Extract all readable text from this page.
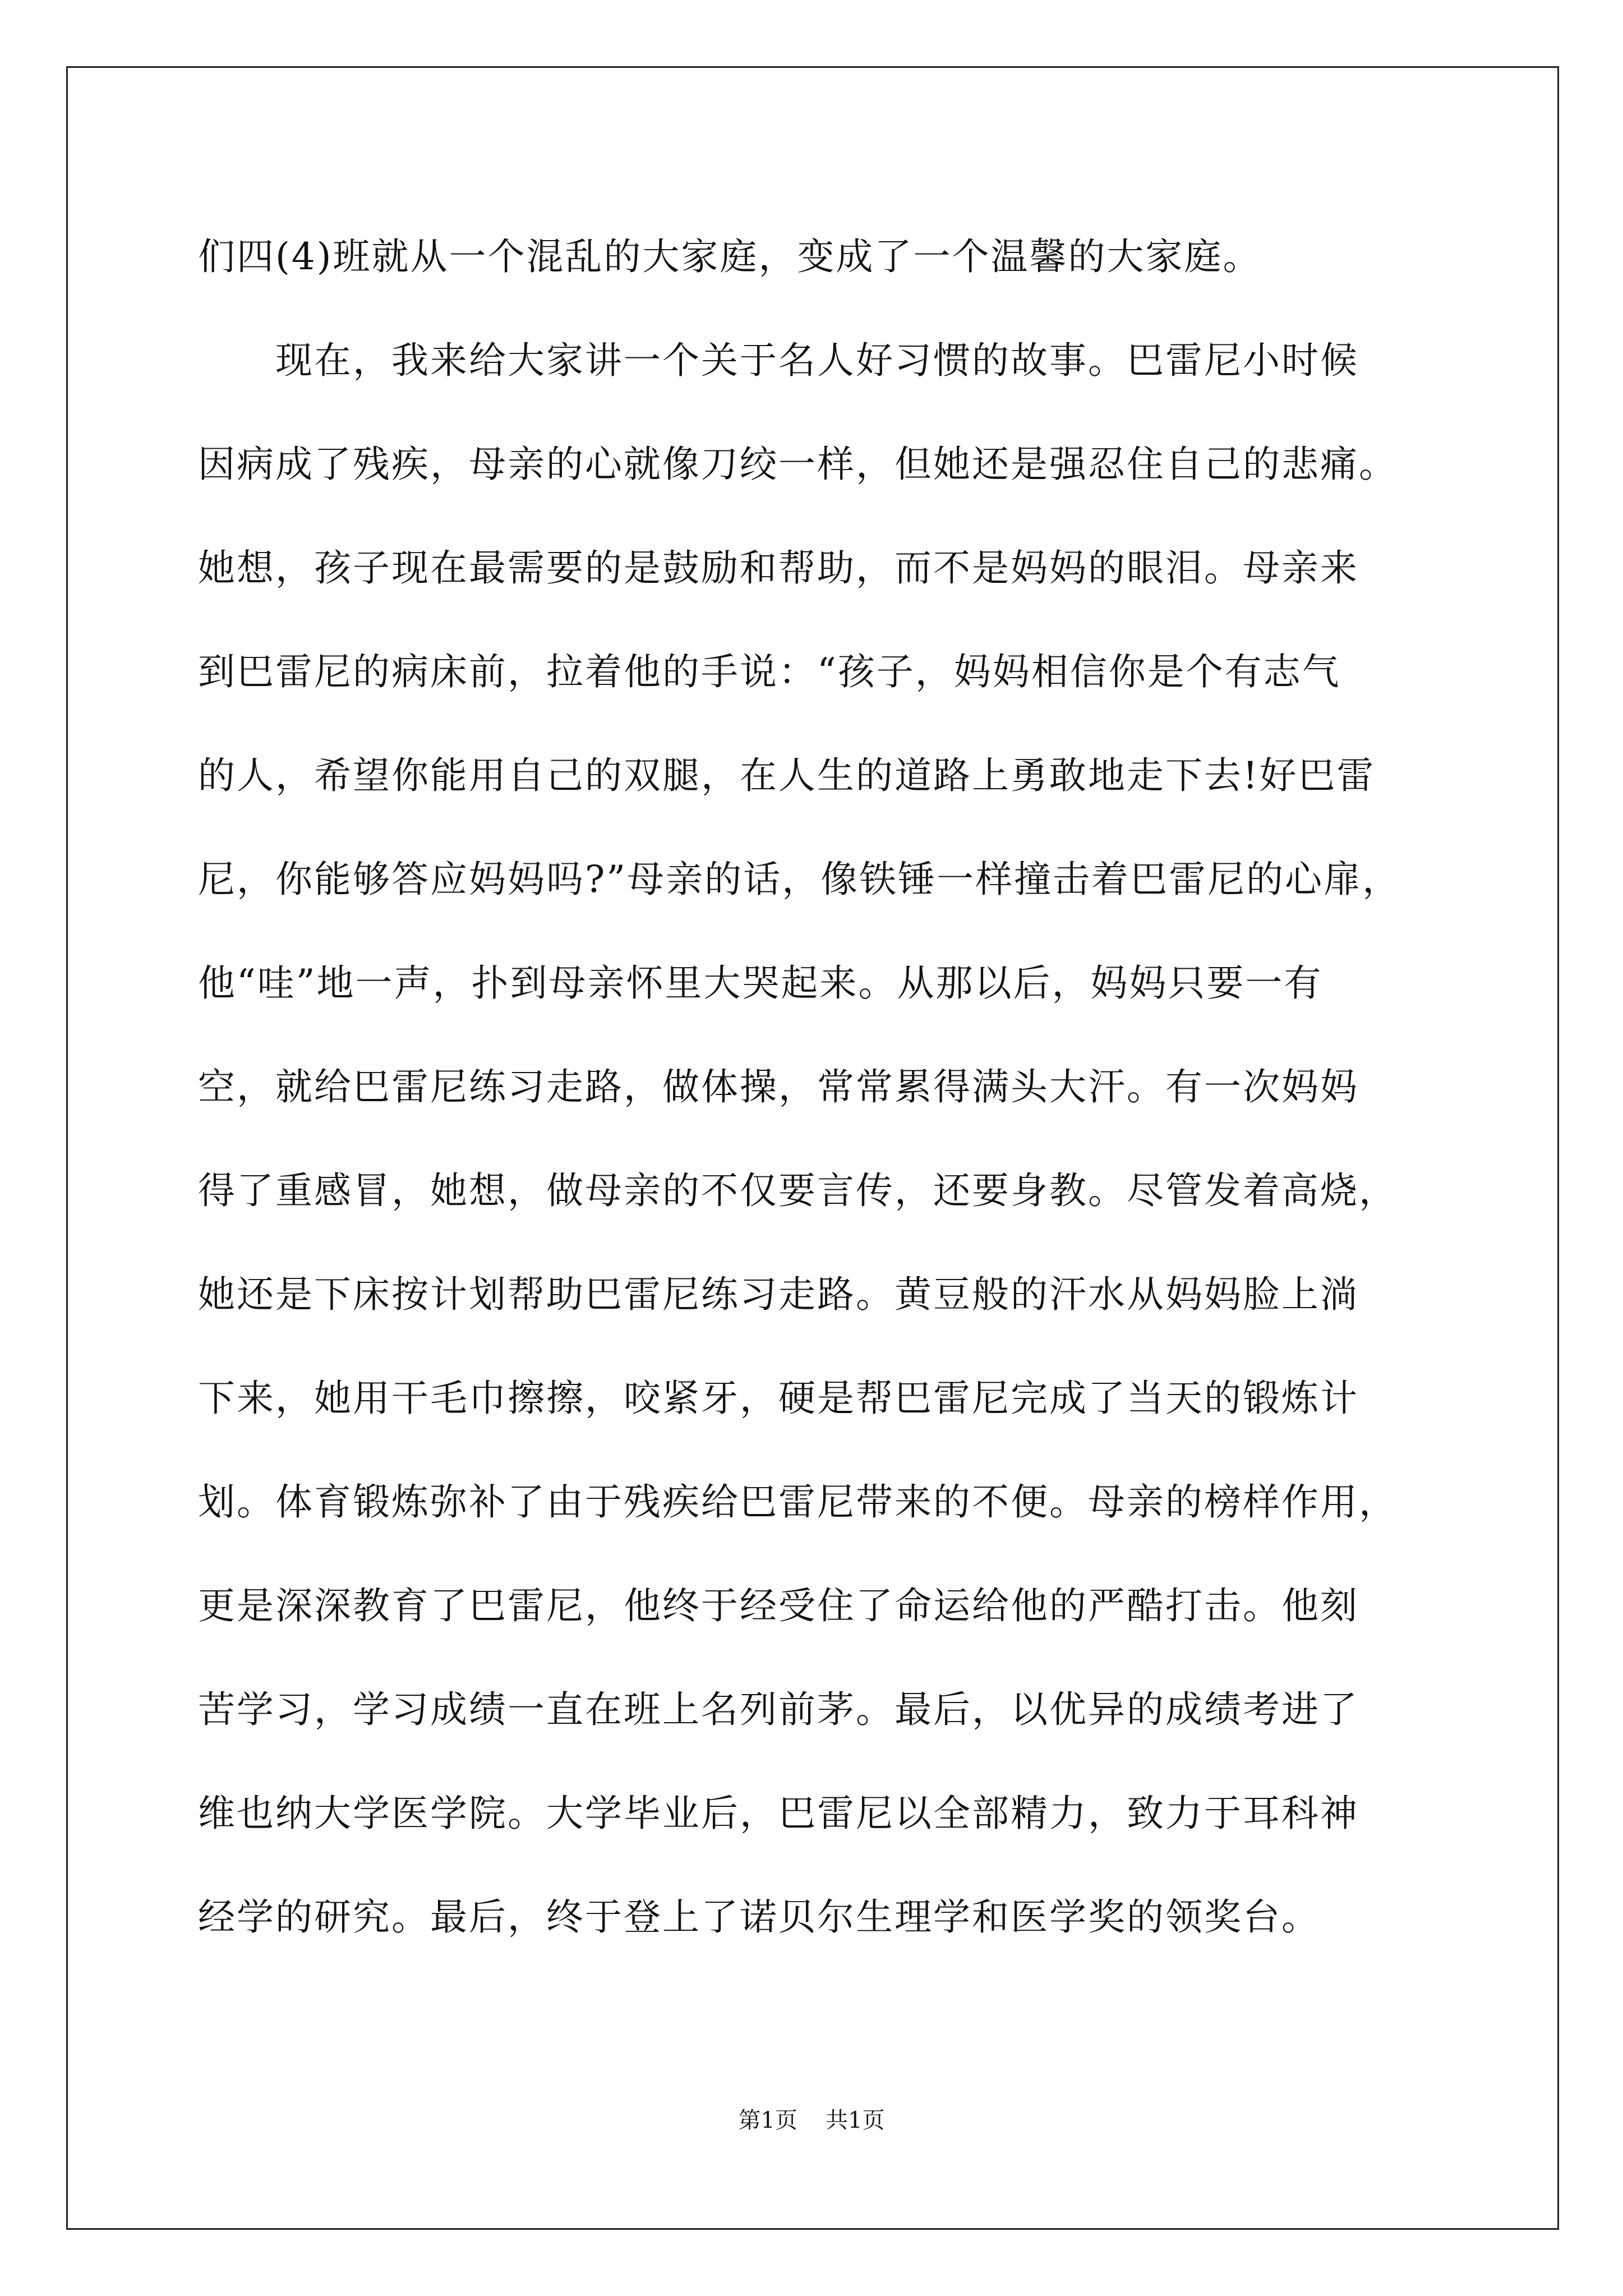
们四(4)班就从一个混乱的大家庭，变成了一个温馨的大家庭。
　　现在，我来给大家讲一个关于名人好习惯的故事。巴雷尼小时候
因病成了残疾，母亲的心就像刀绞一样，但她还是强忍住自己的悲痛。
她想，孩子现在最需要的是鼓励和帮助，而不是妈妈的眼泪。母亲来
到巴雷尼的病床前，拉着他的手说：“孩子，妈妈相信你是个有志气
的人，希望你能用自己的双腿，在人生的道路上勇敢地走下去!好巴雷
尼，你能够答应妈妈吗?”母亲的话，像铁锤一样撞击着巴雷尼的心扉，
他“哇”地一声，扑到母亲怀里大哭起来。从那以后，妈妈只要一有
空，就给巴雷尼练习走路，做体操，常常累得满头大汗。有一次妈妈
得了重感冒，她想，做母亲的不仅要言传，还要身教。尽管发着高烧，
她还是下床按计划帮助巴雷尼练习走路。黄豆般的汗水从妈妈脸上淌
下来，她用干毛巾擦擦，咬紧牙，硬是帮巴雷尼完成了当天的锻炼计
划。体育锻炼弥补了由于残疾给巴雷尼带来的不便。母亲的榜样作用，
更是深深教育了巴雷尼，他终于经受住了命运给他的严酷打击。他刻
苦学习，学习成绩一直在班上名列前茅。最后，以优异的成绩考进了
维也纳大学医学院。大学毕业后，巴雷尼以全部精力，致力于耳科神
经学的研究。最后，终于登上了诺贝尔生理学和医学奖的领奖台。
第1页 共1页
